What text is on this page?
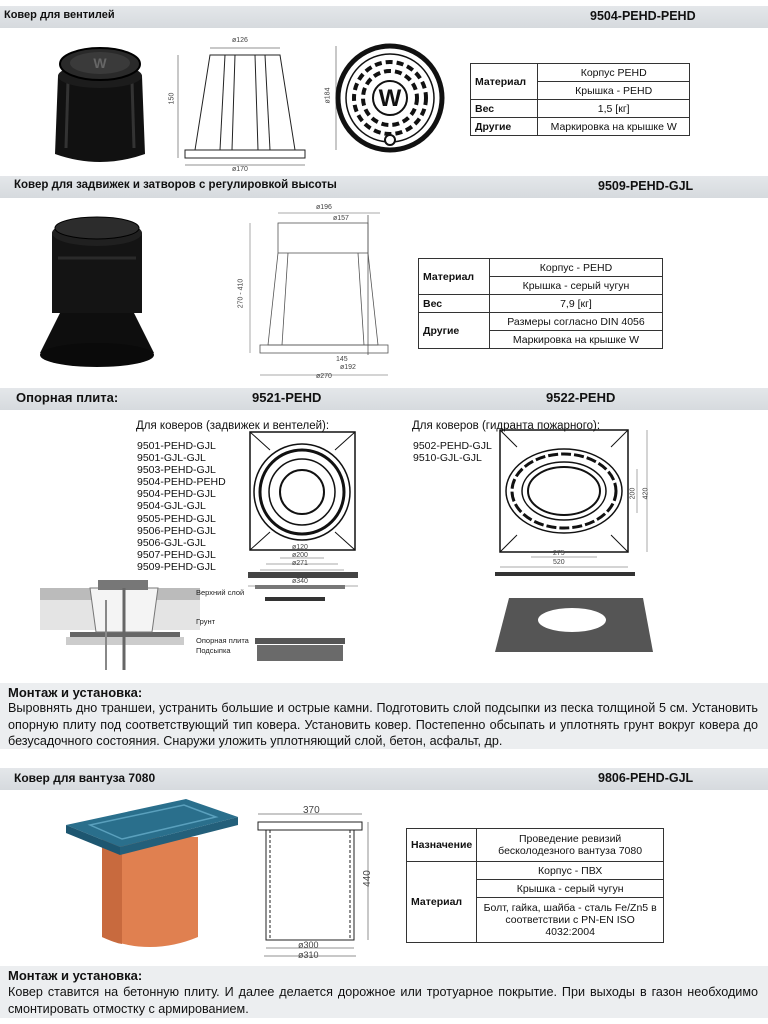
Ковер для вентилей	9504-PEHD-PEHD
W
ø126
ø170
150	W
ø184
Материал	Корпус PEHD
	Крышка - PEHD
Вес	1,5 [кг]
Другие	Маркировка на крышке W
Ковер для задвижек и затворов с регулировкой высоты	9509-PEHD-GJL
ø196
ø157
270 - 410
145
ø192
ø270
Материал	Корпус - PEHD
	Крышка - серый чугун
Вес	7,9 [кг]
Другие	Размеры согласно DIN 4056
	Маркировка на крышке W
Опорная плита:	9521-PEHD	9522-PEHD
Для коверов (задвижек и вентелей):
9501-PEHD-GJL
9501-GJL-GJL
9503-PEHD-GJL
9504-PEHD-PEHD
9504-PEHD-GJL
9504-GJL-GJL
9505-PEHD-GJL
9506-PEHD-GJL
9506-GJL-GJL
9507-PEHD-GJL
9509-PEHD-GJL
Для коверов (гидранта пожарного):
9502-PEHD-GJL
9510-GJL-GJL
ø120
ø200
ø271
ø340
275
520
200 420
Верхний слой
Грунт
Опорная плита
Подсыпка
Монтаж и установка:
Выровнять дно траншеи, устранить большие и острые камни. Подготовить слой подсыпки из песка толщиной 5 см. Установить опорную плиту под соответствующий тип ковера. Установить ковер. Постепенно обсыпать и уплотнять грунт вокруг ковера до безусадочного состояния. Снаружи уложить уплотняющий слой, бетон, асфальт, др.
Ковер для вантуза 7080	9806-PEHD-GJL
370
440
ø300
ø310
Назначение	Проведение ревизий бесколодезного вантуза 7080
Материал	Корпус - ПВХ
	Крышка - серый чугун
	Болт, гайка, шайба - сталь Fe/Zn5 в соответствии с PN-EN ISO 4032:2004
Монтаж и установка:
Ковер ставится на бетонную плиту. И далее делается дорожное или тротуарное покрытие. При выходы в газон необходимо смонтировать отмостку с армированием.
